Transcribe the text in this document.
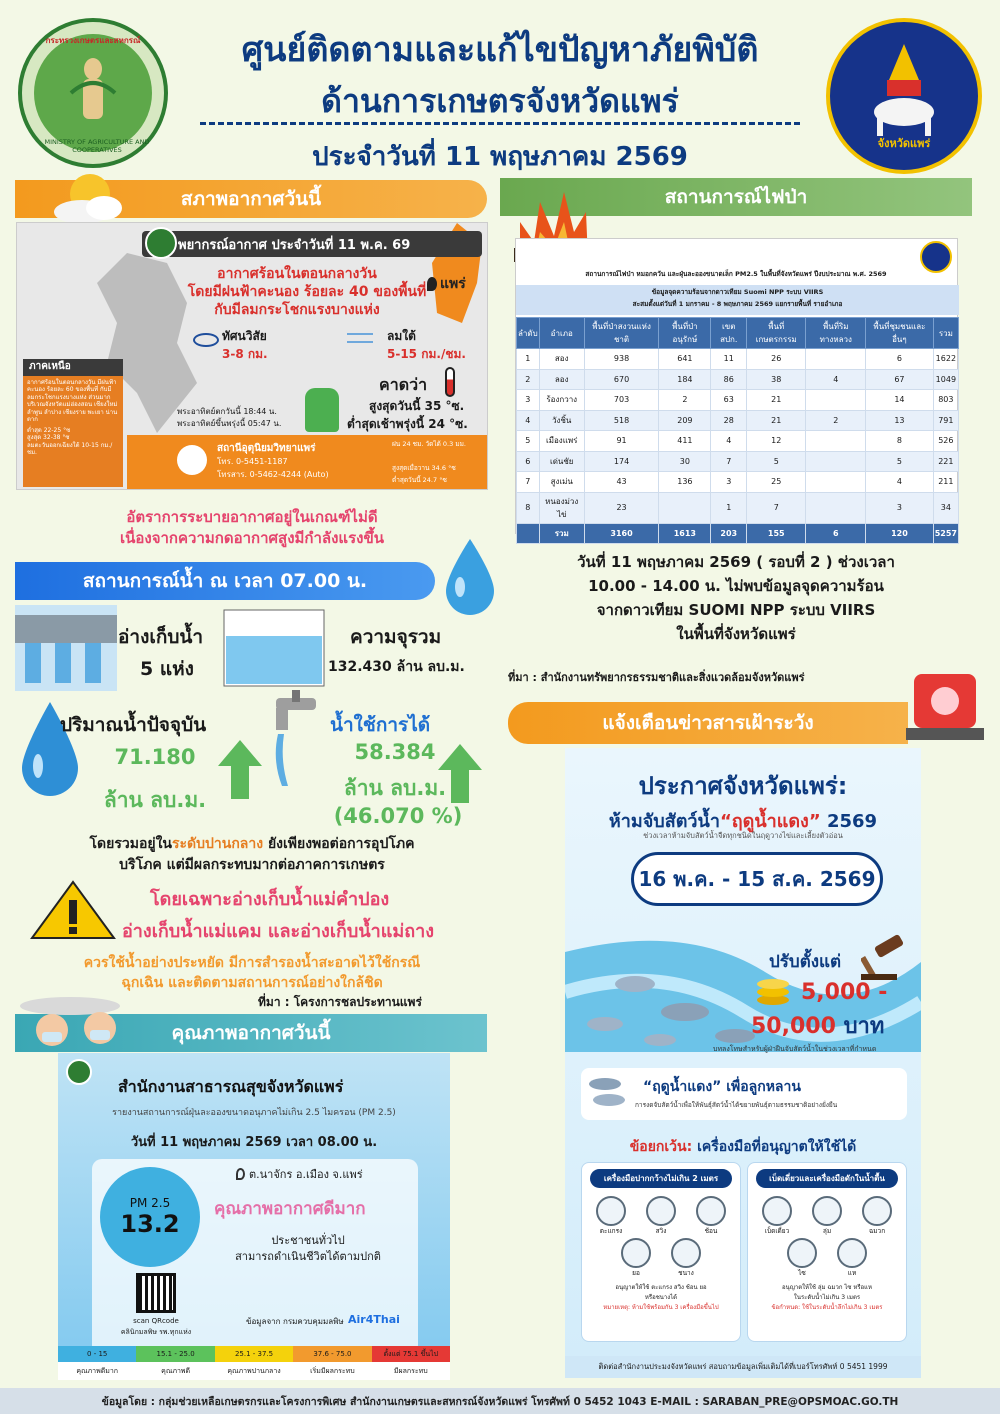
กระทรวงเกษตรและสหกรณ์
MINISTRY OF AGRICULTURE AND COOPERATIVES	จังหวัดแพร่
ศูนย์ติดตามและแก้ไขปัญหาภัยพิบัติ
ด้านการเกษตรจังหวัดแพร่
ประจำวันที่ 11 พฤษภาคม 2569
สภาพอากาศวันนี้
พยากรณ์อากาศ ประจำวันที่ 11 พ.ค. 69
อากาศร้อนในตอนกลางวัน
โดยมีฝนฟ้าคะนอง ร้อยละ 40 ของพื้นที่
กับมีลมกระโชกแรงบางแห่ง
แพร่
ทัศนวิสัย
3-8 กม.
ลมใต้
5-15 กม./ชม.
คาดว่า
สูงสุดวันนี้ 35 °ซ.
ต่ำสุดเช้าพรุ่งนี้ 24 °ซ.
พระอาทิตย์ตกวันนี้ 18:44 น.
พระอาทิตย์ขึ้นพรุ่งนี้ 05:47 น.
ภาคเหนือ
อากาศร้อนในตอนกลางวัน มีฝนฟ้าคะนอง ร้อยละ 60 ของพื้นที่ กับมีลมกระโชกแรงบางแห่ง ส่วนมากบริเวณจังหวัดแม่ฮ่องสอน เชียงใหม่ ลำพูน ลำปาง เชียงราย พะเยา น่าน ตาก
ต่ำสุด 22-25 °ซ
สูงสุด 32-38 °ซ
ลมตะวันออกเฉียงใต้ 10-15 กม./ชม.	สถานีอุตุนิยมวิทยาแพร่
โทร. 0-5451-1187
โทรสาร. 0-5462-4244 (Auto)
ฝน 24 ชม. วัดได้ 0.3 มม.
สูงสุดเมื่อวาน 34.6 °ซ
ต่ำสุดวันนี้ 24.7 °ซ
อัตราการระบายอากาศอยู่ในเกณฑ์ไม่ดี
เนื่องจากความกดอากาศสูงมีกำลังแรงขึ้น
สถานการณ์น้ำ ณ เวลา 07.00 น.
อ่างเก็บน้ำ
5 แห่ง
ความจุรวม
132.430 ล้าน ลบ.ม.
ปริมาณน้ำปัจจุบัน
71.180
ล้าน ลบ.ม.
น้ำใช้การได้
58.384
ล้าน ลบ.ม.
(46.070 %)
โดยรวมอยู่ในระดับปานกลาง ยังเพียงพอต่อการอุปโภค
บริโภค แต่มีผลกระทบมากต่อภาคการเกษตร
โดยเฉพาะอ่างเก็บน้ำแม่คำปอง
อ่างเก็บน้ำแม่แคม และอ่างเก็บน้ำแม่ถาง
ควรใช้น้ำอย่างประหยัด มีการสำรองน้ำสะอาดไว้ใช้กรณี
ฉุกเฉิน และติดตามสถานการณ์อย่างใกล้ชิด
ที่มา : โครงการชลประทานแพร่
คุณภาพอากาศวันนี้
สำนักงานสาธารณสุขจังหวัดแพร่
รายงานสถานการณ์ฝุ่นละอองขนาดอนุภาคไม่เกิน 2.5 ไมครอน (PM 2.5)
วันที่ 11 พฤษภาคม 2569 เวลา 08.00 น.
PM 2.5
13.2
ต.นาจักร อ.เมือง จ.แพร่
คุณภาพอากาศดีมาก
ประชาชนทั่วไป
สามารถดำเนินชีวิตได้ตามปกติ
scan QRcode
คลินิกมลพิษ รพ.ทุกแห่ง
ข้อมูลจาก กรมควบคุมมลพิษ Air4Thai
0 - 15
คุณภาพดีมาก
15.1 - 25.0
คุณภาพดี
25.1 - 37.5
คุณภาพปานกลาง
37.6 - 75.0
เริ่มมีผลกระทบ
ตั้งแต่ 75.1 ขึ้นไป
มีผลกระทบ
สถานการณ์ไฟป่า
สถานการณ์ไฟป่า หมอกควัน และฝุ่นละอองขนาดเล็ก PM2.5 ในพื้นที่จังหวัดแพร่ ปีงบประมาณ พ.ศ. 2569
ข้อมูลจุดความร้อนจากดาวเทียม Suomi NPP ระบบ VIIRS
สะสมตั้งแต่วันที่ 1 มกราคม - 8 พฤษภาคม 2569 แยกรายพื้นที่ รายอำเภอ
ลำดับ	อำเภอ	พื้นที่ป่าสงวนแห่งชาติ	พื้นที่ป่าอนุรักษ์	เขต สปก.	พื้นที่เกษตรกรรม	พื้นที่ริมทางหลวง	พื้นที่ชุมชนและอื่นๆ	รวม
1	สอง	938	641	11	26		6	1622
2	ลอง	670	184	86	38	4	67	1049
3	ร้องกวาง	703	2	63	21		14	803
4	วังชิ้น	518	209	28	21	2	13	791
5	เมืองแพร่	91	411	4	12		8	526
6	เด่นชัย	174	30	7	5		5	221
7	สูงเม่น	43	136	3	25		4	211
8	หนองม่วงไข่	23		1	7		3	34
	รวม	3160	1613	203	155	6	120	5257
วันที่ 11 พฤษภาคม 2569 ( รอบที่ 2 ) ช่วงเวลา
10.00 - 14.00 น. ไม่พบข้อมูลจุดความร้อน
จากดาวเทียม SUOMI NPP ระบบ VIIRS
ในพื้นที่จังหวัดแพร่
ที่มา : สำนักงานทรัพยากรธรรมชาติและสิ่งแวดล้อมจังหวัดแพร่
แจ้งเตือนข่าวสารเฝ้าระวัง
ประกาศจังหวัดแพร่:
ห้ามจับสัตว์น้ำ“ฤดูน้ำแดง” 2569
ช่วงเวลาห้ามจับสัตว์น้ำจืดทุกชนิดในฤดูวางไข่และเลี้ยงตัวอ่อน
16 พ.ค. - 15 ส.ค. 2569
ปรับตั้งแต่
5,000 -
50,000 บาท
บทลงโทษสำหรับผู้ฝ่าฝืนจับสัตว์น้ำในช่วงเวลาที่กำหนด
“ฤดูน้ำแดง” เพื่อลูกหลาน
การงดจับสัตว์น้ำเพื่อให้พันธุ์สัตว์น้ำได้ขยายพันธุ์ตามธรรมชาติอย่างยั่งยืน
ข้อยกเว้น: เครื่องมือที่อนุญาตให้ใช้ได้
เครื่องมือปากกว้างไม่เกิน 2 เมตร
ตะแกรง	สวิง	ช้อน
ยอ	ชนาง
อนุญาตให้ใช้ ตะแกรง สวิง ช้อน ยอ
หรือชนางได้
หมายเหตุ: ห้ามใช้พร้อมกัน 3 เครื่องมือขึ้นไป
เบ็ดเดี่ยวและเครื่องมือดักในน้ำตื้น
เบ็ดเดี่ยว	ลุ่ม	ฉมวก
ไซ	แห
อนุญาตให้ใช้ ลุ่ม ฉมวก ไซ หรือแห
ในระดับน้ำไม่เกิน 3 เมตร
ข้อกำหนด: ใช้ในระดับน้ำลึกไม่เกิน 3 เมตร
ติดต่อสำนักงานประมงจังหวัดแพร่ สอบถามข้อมูลเพิ่มเติมได้ที่เบอร์โทรศัพท์ 0 5451 1999
ข้อมูลโดย : กลุ่มช่วยเหลือเกษตรกรและโครงการพิเศษ สำนักงานเกษตรและสหกรณ์จังหวัดแพร่ โทรศัพท์ 0 5452 1043 E-MAIL : SARABAN_PRE@OPSMOAC.GO.TH
